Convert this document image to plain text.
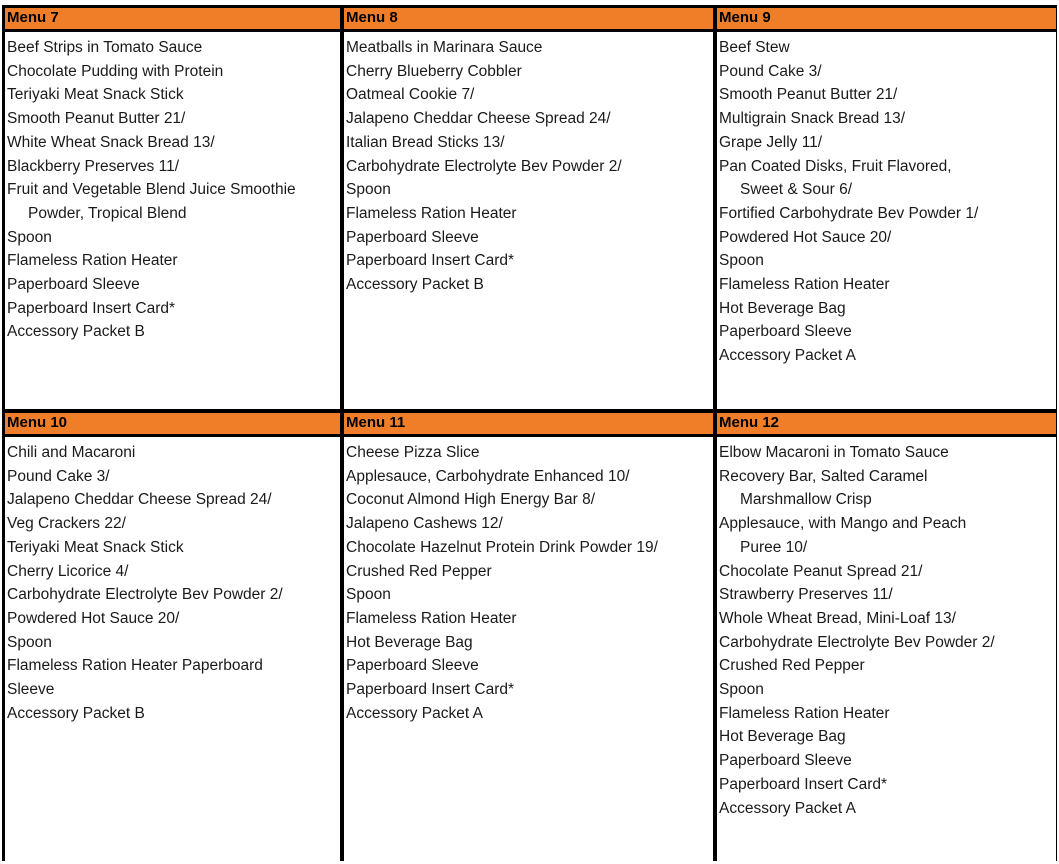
Menu 7
Beef Strips in Tomato Sauce
Chocolate Pudding with Protein
Teriyaki Meat Snack Stick
Smooth Peanut Butter 21/
White Wheat Snack Bread 13/
Blackberry Preserves 11/
Fruit and Vegetable Blend Juice Smoothie
Powder, Tropical Blend
Spoon
Flameless Ration Heater
Paperboard Sleeve
Paperboard Insert Card*
Accessory Packet B
Menu 8
Meatballs in Marinara Sauce
Cherry Blueberry Cobbler
Oatmeal Cookie 7/
Jalapeno Cheddar Cheese Spread 24/
Italian Bread Sticks 13/
Carbohydrate Electrolyte Bev Powder 2/
Spoon
Flameless Ration Heater
Paperboard Sleeve
Paperboard Insert Card*
Accessory Packet B
Menu 9
Beef Stew
Pound Cake 3/
Smooth Peanut Butter 21/
Multigrain Snack Bread 13/
Grape Jelly 11/
Pan Coated Disks, Fruit Flavored,
Sweet & Sour 6/
Fortified Carbohydrate Bev Powder 1/
Powdered Hot Sauce 20/
Spoon
Flameless Ration Heater
Hot Beverage Bag
Paperboard Sleeve
Accessory Packet A
Menu 10
Chili and Macaroni
Pound Cake 3/
Jalapeno Cheddar Cheese Spread 24/
Veg Crackers 22/
Teriyaki Meat Snack Stick
Cherry Licorice 4/
Carbohydrate Electrolyte Bev Powder 2/
Powdered Hot Sauce 20/
Spoon
Flameless Ration Heater Paperboard
Sleeve
Accessory Packet B
Menu 11
Cheese Pizza Slice
Applesauce, Carbohydrate Enhanced 10/
Coconut Almond High Energy Bar 8/
Jalapeno Cashews 12/
Chocolate Hazelnut Protein Drink Powder 19/
Crushed Red Pepper
Spoon
Flameless Ration Heater
Hot Beverage Bag
Paperboard Sleeve
Paperboard Insert Card*
Accessory Packet A
Menu 12
Elbow Macaroni in Tomato Sauce
Recovery Bar, Salted Caramel
Marshmallow Crisp
Applesauce, with Mango and Peach
Puree 10/
Chocolate Peanut Spread 21/
Strawberry Preserves 11/
Whole Wheat Bread, Mini-Loaf 13/
Carbohydrate Electrolyte Bev Powder 2/
Crushed Red Pepper
Spoon
Flameless Ration Heater
Hot Beverage Bag
Paperboard Sleeve
Paperboard Insert Card*
Accessory Packet A
